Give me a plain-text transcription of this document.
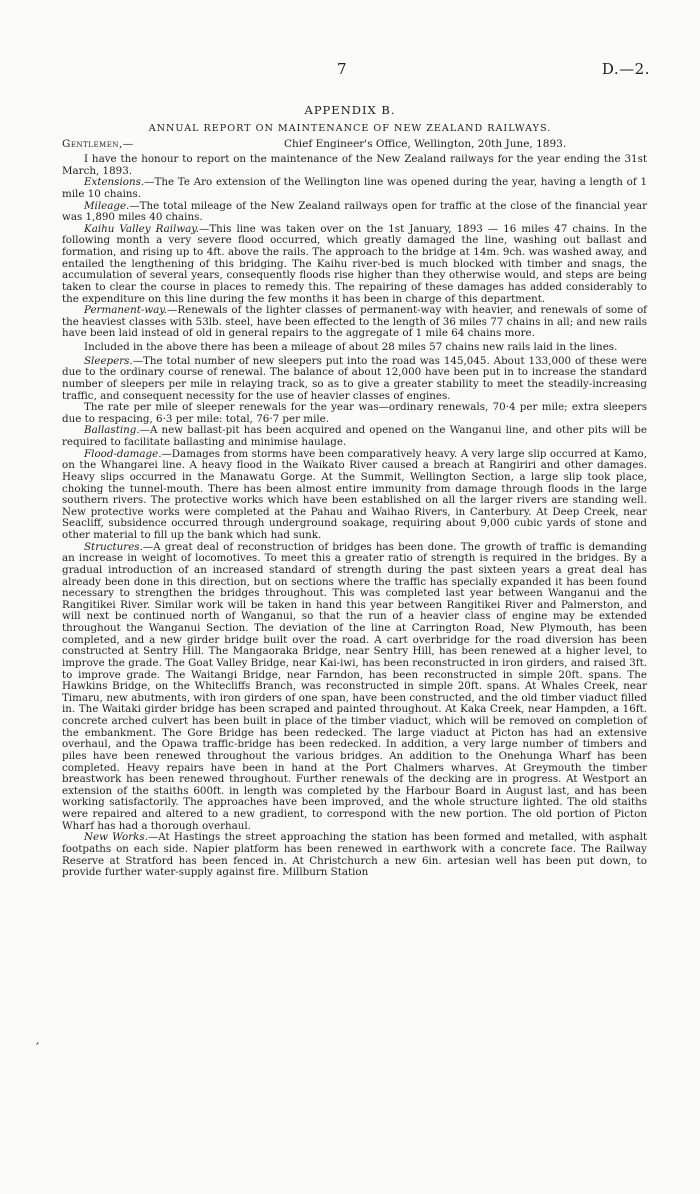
7	D.—2.
APPENDIX B.
ANNUAL REPORT ON MAINTENANCE OF NEW ZEALAND RAILWAYS.
Gentlemen,—	Chief Engineer's Office, Wellington, 20th June, 1893.

I have the honour to report on the maintenance of the New Zealand railways for the year ending the 31st March, 1893.

Extensions.—The Te Aro extension of the Wellington line was opened during the year, having a length of 1 mile 10 chains.

Mileage.—The total mileage of the New Zealand railways open for traffic at the close of the financial year was 1,890 miles 40 chains.

Kaihu Valley Railway.—This line was taken over on the 1st January, 1893 — 16 miles 47 chains. In the following month a very severe flood occurred, which greatly damaged the line, washing out ballast and formation, and rising up to 4ft. above the rails. The approach to the bridge at 14m. 9ch. was washed away, and entailed the lengthening of this bridging. The Kaihu river-bed is much blocked with timber and snags, the accumulation of several years, consequently floods rise higher than they otherwise would, and steps are being taken to clear the course in places to remedy this. The repairing of these damages has added considerably to the expenditure on this line during the few months it has been in charge of this department.

Permanent-way.—Renewals of the lighter classes of permanent-way with heavier, and renewals of some of the heaviest classes with 53lb. steel, have been effected to the length of 36 miles 77 chains in all; and new rails have been laid instead of old in general repairs to the aggregate of 1 mile 64 chains more.

Included in the above there has been a mileage of about 28 miles 57 chains new rails laid in the lines.

Sleepers.—The total number of new sleepers put into the road was 145,045. About 133,000 of these were due to the ordinary course of renewal. The balance of about 12,000 have been put in to increase the standard number of sleepers per mile in relaying track, so as to give a greater stability to meet the steadily-increasing traffic, and consequent necessity for the use of heavier classes of engines.

The rate per mile of sleeper renewals for the year was—ordinary renewals, 70·4 per mile; extra sleepers due to respacing, 6·3 per mile: total, 76·7 per mile.

Ballasting.—A new ballast-pit has been acquired and opened on the Wanganui line, and other pits will be required to facilitate ballasting and minimise haulage.

Flood-damage.—Damages from storms have been comparatively heavy. A very large slip occurred at Kamo, on the Whangarei line. A heavy flood in the Waikato River caused a breach at Rangiriri and other damages. Heavy slips occurred in the Manawatu Gorge. At the Summit, Wellington Section, a large slip took place, choking the tunnel-mouth. There has been almost entire immunity from damage through floods in the large southern rivers. The protective works which have been established on all the larger rivers are standing well. New protective works were completed at the Pahau and Waihao Rivers, in Canterbury. At Deep Creek, near Seacliff, subsidence occurred through underground soakage, requiring about 9,000 cubic yards of stone and other material to fill up the bank which had sunk.

Structures.—A great deal of reconstruction of bridges has been done. The growth of traffic is demanding an increase in weight of locomotives. To meet this a greater ratio of strength is required in the bridges. By a gradual introduction of an increased standard of strength during the past sixteen years a great deal has already been done in this direction, but on sections where the traffic has specially expanded it has been found necessary to strengthen the bridges throughout. This was completed last year between Wanganui and the Rangitikei River. Similar work will be taken in hand this year between Rangitikei River and Palmerston, and will next be continued north of Wanganui, so that the run of a heavier class of engine may be extended throughout the Wanganui Section. The deviation of the line at Carrington Road, New Plymouth, has been completed, and a new girder bridge built over the road. A cart overbridge for the road diversion has been constructed at Sentry Hill. The Mangaoraka Bridge, near Sentry Hill, has been renewed at a higher level, to improve the grade. The Goat Valley Bridge, near Kai-iwi, has been reconstructed in iron girders, and raised 3ft. to improve grade. The Waitangi Bridge, near Farndon, has been reconstructed in simple 20ft. spans. The Hawkins Bridge, on the Whitecliffs Branch, was reconstructed in simple 20ft. spans. At Whales Creek, near Timaru, new abutments, with iron girders of one span, have been constructed, and the old timber viaduct filled in. The Waitaki girder bridge has been scraped and painted throughout. At Kaka Creek, near Hampden, a 16ft. concrete arched culvert has been built in place of the timber viaduct, which will be removed on completion of the embankment. The Gore Bridge has been redecked. The large viaduct at Picton has had an extensive overhaul, and the Opawa traffic-bridge has been redecked. In addition, a very large number of timbers and piles have been renewed throughout the various bridges. An addition to the Onehunga Wharf has been completed. Heavy repairs have been in hand at the Port Chalmers wharves. At Greymouth the timber breastwork has been renewed throughout. Further renewals of the decking are in progress. At Westport an extension of the staiths 600ft. in length was completed by the Harbour Board in August last, and has been working satisfactorily. The approaches have been improved, and the whole structure lighted. The old staiths were repaired and altered to a new gradient, to correspond with the new portion. The old portion of Picton Wharf has had a thorough overhaul.

New Works.—At Hastings the street approaching the station has been formed and metalled, with asphalt footpaths on each side. Napier platform has been renewed in earthwork with a concrete face. The Railway Reserve at Stratford has been fenced in. At Christchurch a new 6in. artesian well has been put down, to provide further water-supply against fire. Millburn Station

′
